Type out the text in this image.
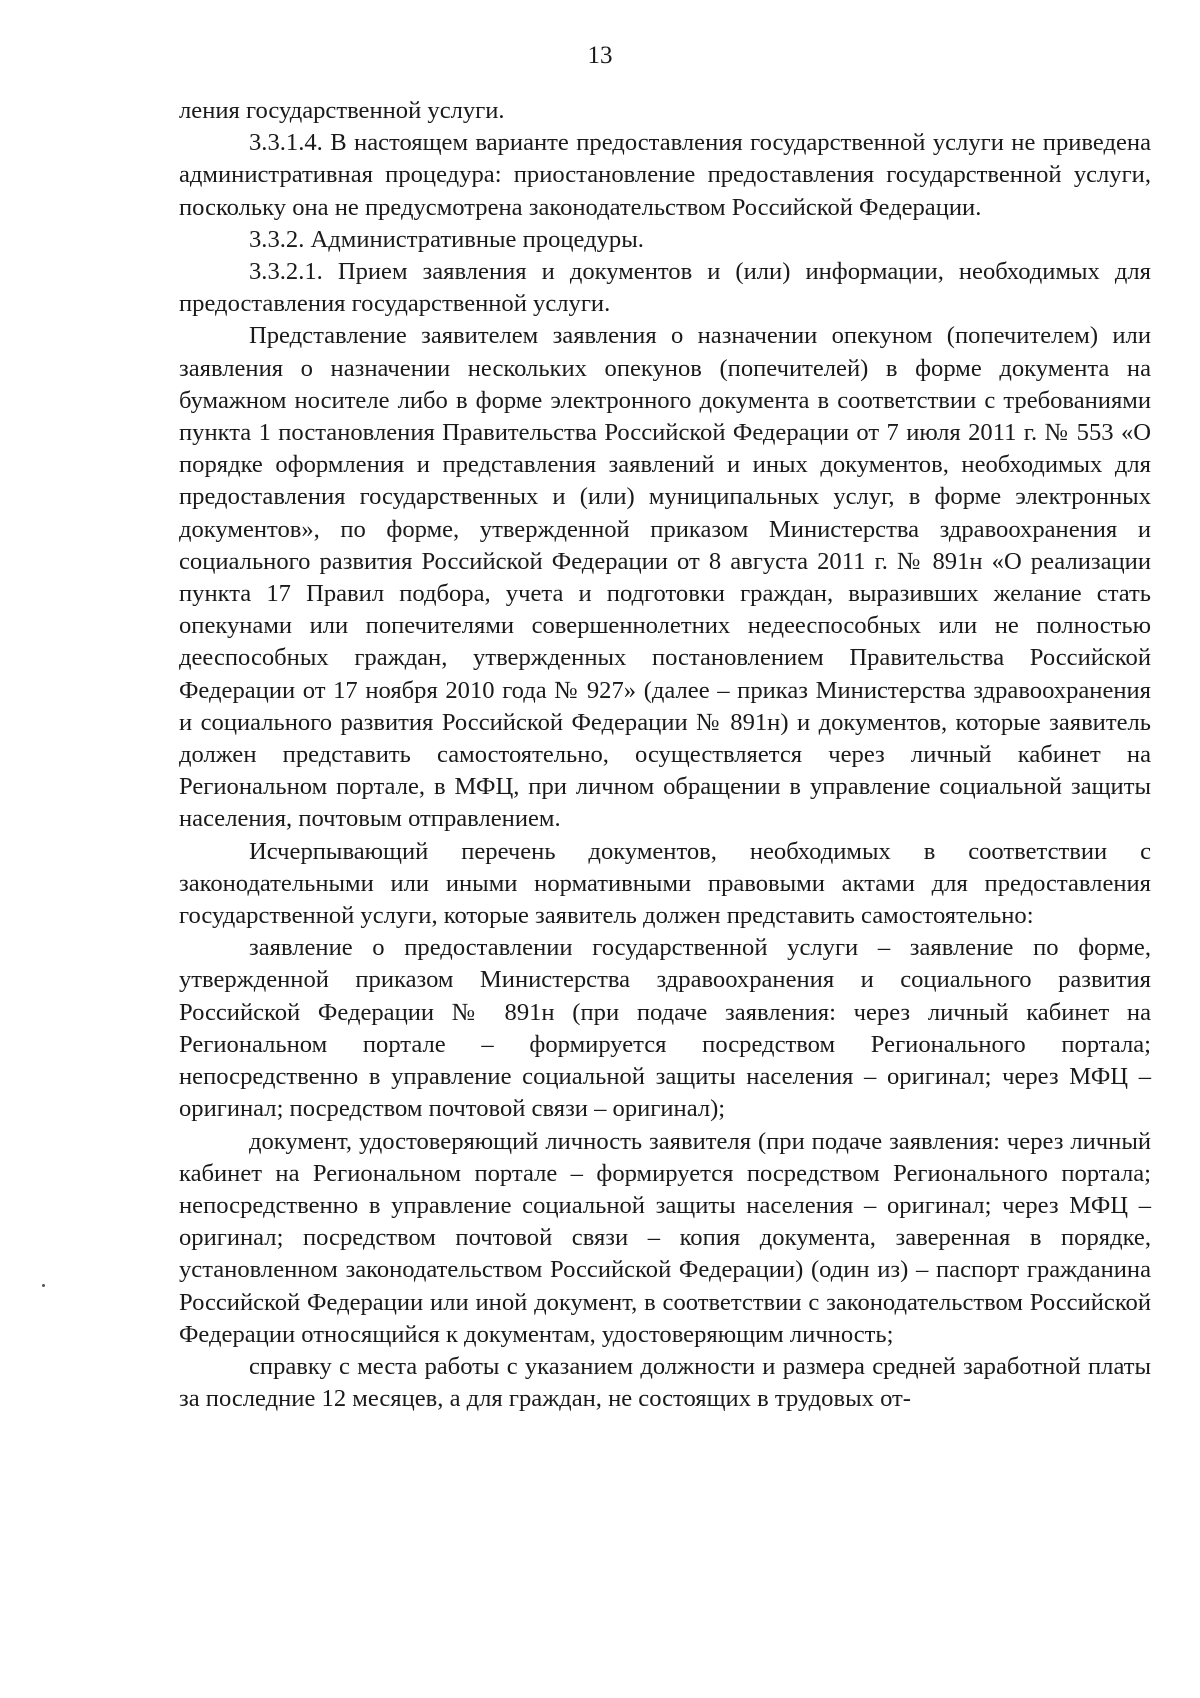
13

ления государственной услуги.

3.3.1.4. В настоящем варианте предоставления государственной услуги не приведена административная процедура: приостановление предоставления государственной услуги, поскольку она не предусмотрена законодательством Российской Федерации.

3.3.2. Административные процедуры.

3.3.2.1. Прием заявления и документов и (или) информации, необходимых для предоставления государственной услуги.

Представление заявителем заявления о назначении опекуном (попечителем) или заявления о назначении нескольких опекунов (попечителей) в форме документа на бумажном носителе либо в форме электронного документа в соответствии с требованиями пункта 1 постановления Правительства Российской Федерации от 7 июля 2011 г. № 553 «О порядке оформления и представления заявлений и иных документов, необходимых для предоставления государственных и (или) муниципальных услуг, в форме электронных документов», по форме, утвержденной приказом Министерства здравоохранения и социального развития Российской Федерации от 8 августа 2011 г. № 891н «О реализации пункта 17 Правил подбора, учета и подготовки граждан, выразивших желание стать опекунами или попечителями совершеннолетних недееспособных или не полностью дееспособных граждан, утвержденных постановлением Правительства Российской Федерации от 17 ноября 2010 года № 927» (далее – приказ Министерства здравоохранения и социального развития Российской Федерации № 891н) и документов, которые заявитель должен представить самостоятельно, осуществляется через личный кабинет на Региональном портале, в МФЦ, при личном обращении в управление социальной защиты населения, почтовым отправлением.

Исчерпывающий перечень документов, необходимых в соответствии с законодательными или иными нормативными правовыми актами для предоставления государственной услуги, которые заявитель должен представить самостоятельно:

заявление о предоставлении государственной услуги – заявление по форме, утвержденной приказом Министерства здравоохранения и социального развития Российской Федерации № 891н (при подаче заявления: через личный кабинет на Региональном портале – формируется посредством Регионального портала; непосредственно в управление социальной защиты населения – оригинал; через МФЦ – оригинал; посредством почтовой связи – оригинал);

документ, удостоверяющий личность заявителя (при подаче заявления: через личный кабинет на Региональном портале – формируется посредством Регионального портала; непосредственно в управление социальной защиты населения – оригинал; через МФЦ – оригинал; посредством почтовой связи – копия документа, заверенная в порядке, установленном законодательством Российской Федерации) (один из) – паспорт гражданина Российской Федерации или иной документ, в соответствии с законодательством Российской Федерации относящийся к документам, удостоверяющим личность;

справку с места работы с указанием должности и размера средней заработной платы за последние 12 месяцев, а для граждан, не состоящих в трудовых от-
